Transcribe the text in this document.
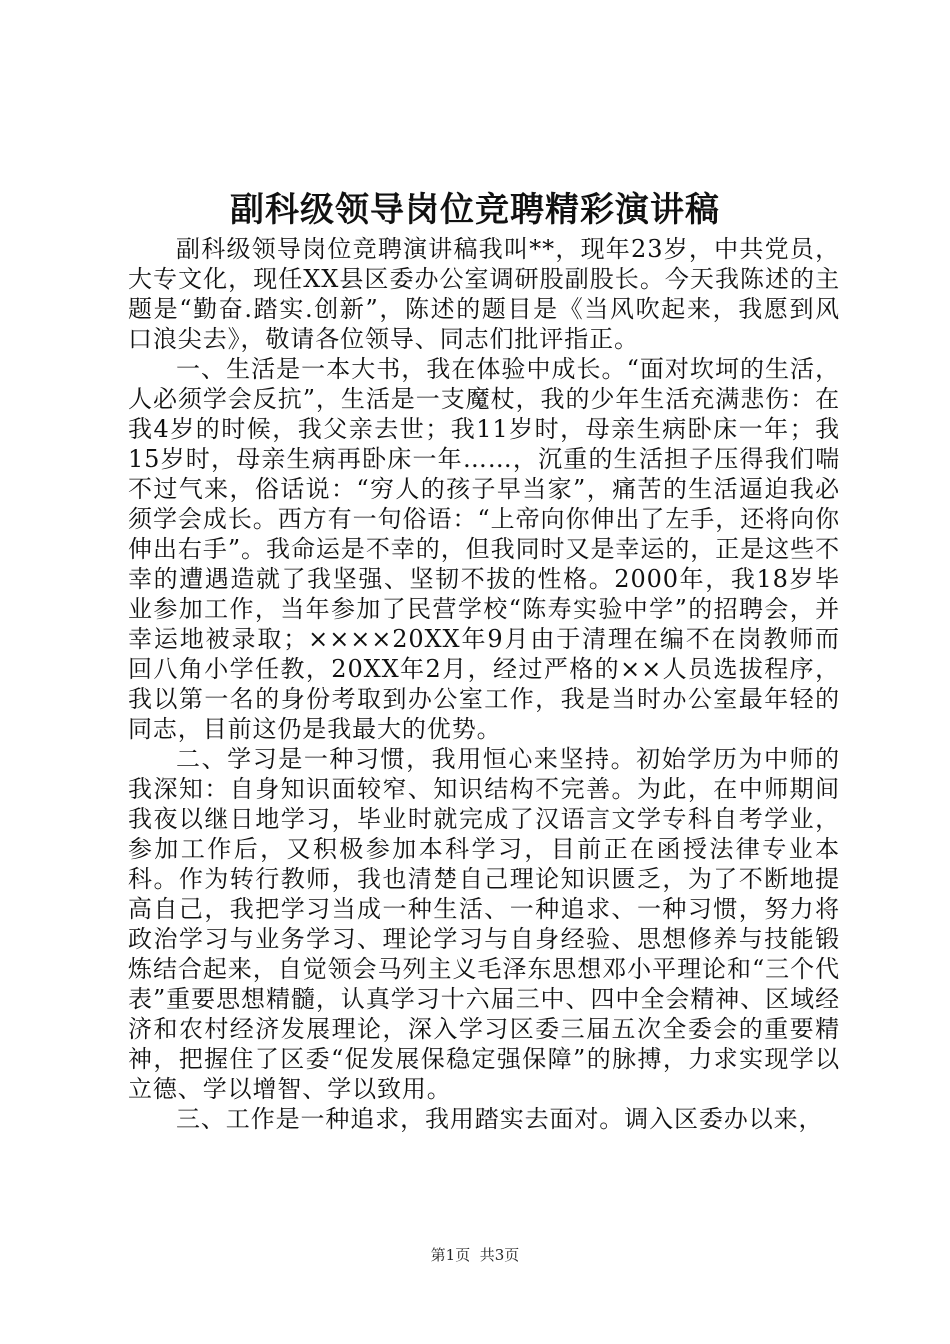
副科级领导岗位竞聘精彩演讲稿

副科级领导岗位竞聘演讲稿我叫**，现年23岁，中共党员，大专文化，现任XX县区委办公室调研股副股长。今天我陈述的主题是“勤奋.踏实.创新”，陈述的题目是《当风吹起来，我愿到风口浪尖去》，敬请各位领导、同志们批评指正。

一、生活是一本大书，我在体验中成长。“面对坎坷的生活，人必须学会反抗”，生活是一支魔杖，我的少年生活充满悲伤：在我4岁的时候，我父亲去世；我11岁时，母亲生病卧床一年；我15岁时，母亲生病再卧床一年……，沉重的生活担子压得我们喘不过气来，俗话说：“穷人的孩子早当家”，痛苦的生活逼迫我必须学会成长。西方有一句俗语：“上帝向你伸出了左手，还将向你伸出右手”。我命运是不幸的，但我同时又是幸运的，正是这些不幸的遭遇造就了我坚强、坚韧不拔的性格。2000年，我18岁毕业参加工作，当年参加了民营学校“陈寿实验中学”的招聘会，并幸运地被录取；××××20XX年9月由于清理在编不在岗教师而回八角小学任教，20XX年2月，经过严格的××人员选拔程序，我以第一名的身份考取到办公室工作，我是当时办公室最年轻的同志，目前这仍是我最大的优势。

二、学习是一种习惯，我用恒心来坚持。初始学历为中师的我深知：自身知识面较窄、知识结构不完善。为此，在中师期间我夜以继日地学习，毕业时就完成了汉语言文学专科自考学业，参加工作后，又积极参加本科学习，目前正在函授法律专业本科。作为转行教师，我也清楚自己理论知识匮乏，为了不断地提高自己，我把学习当成一种生活、一种追求、一种习惯，努力将政治学习与业务学习、理论学习与自身经验、思想修养与技能锻炼结合起来，自觉领会马列主义毛泽东思想邓小平理论和“三个代表”重要思想精髓，认真学习十六届三中、四中全会精神、区域经济和农村经济发展理论，深入学习区委三届五次全委会的重要精神，把握住了区委“促发展保稳定强保障”的脉搏，力求实现学以立德、学以增智、学以致用。

三、工作是一种追求，我用踏实去面对。调入区委办以来，

第1页 共3页
